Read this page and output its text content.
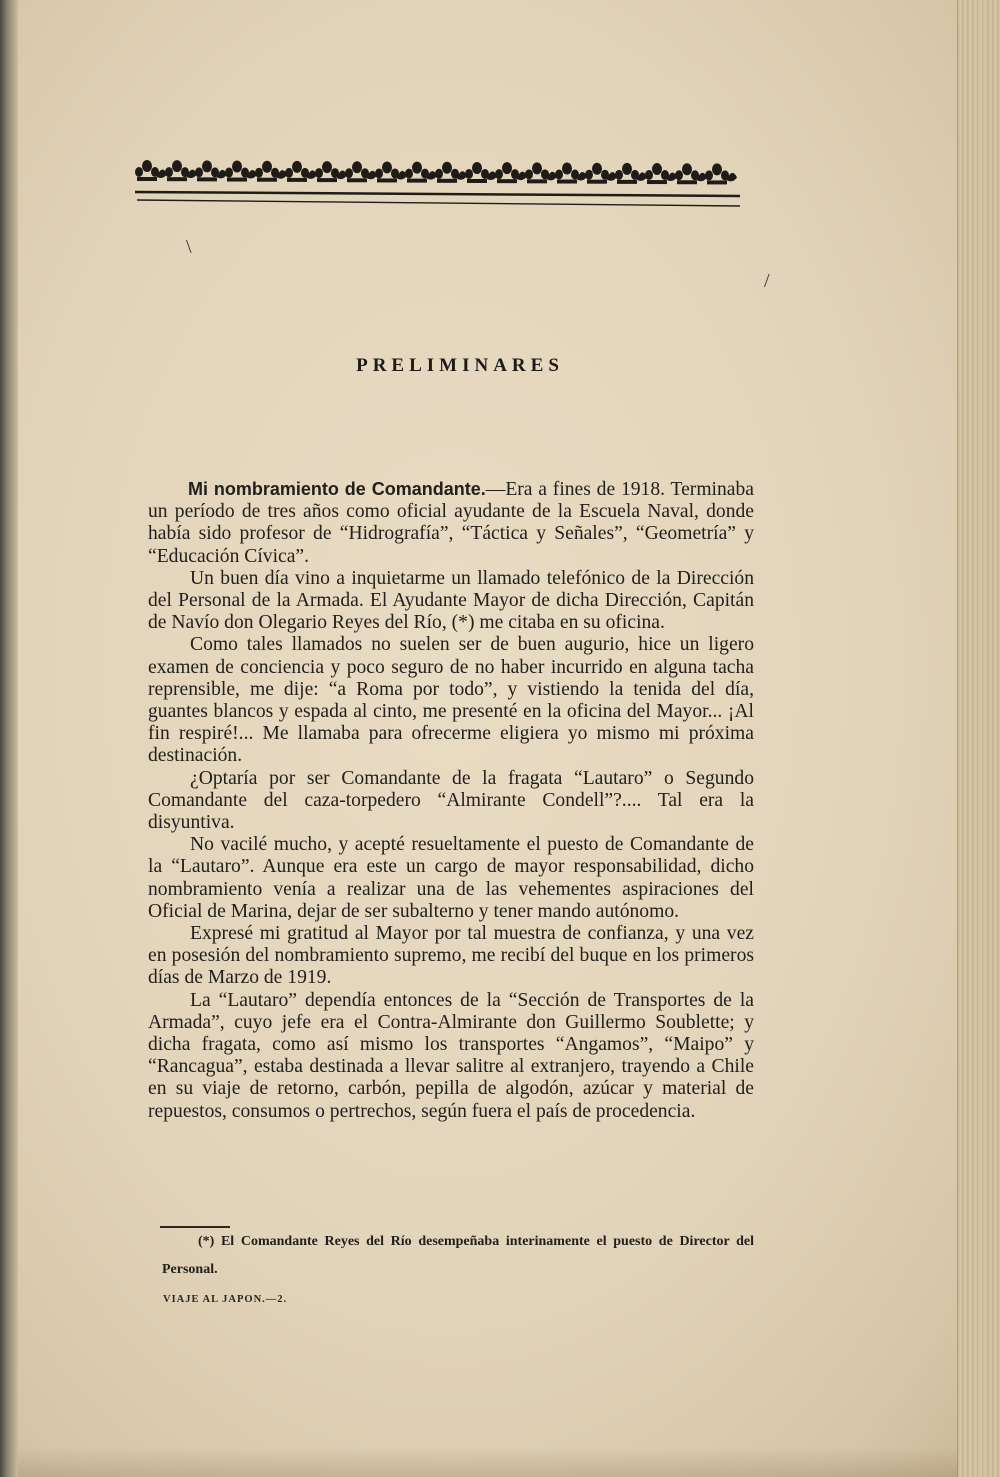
PRELIMINARES

Mi nombramiento de Comandante.—Era a fines de 1918. Terminaba un período de tres años como oficial ayudante de la Escuela Naval, donde había sido profesor de “Hidrografía”, “Táctica y Señales”, “Geometría” y “Educación Cívica”.

Un buen día vino a inquietarme un llamado telefónico de la Dirección del Personal de la Armada. El Ayudante Mayor de dicha Dirección, Capitán de Navío don Olegario Reyes del Río, (*) me citaba en su oficina.

Como tales llamados no suelen ser de buen augurio, hice un ligero examen de conciencia y poco seguro de no haber incurrido en alguna tacha reprensible, me dije: “a Roma por todo”, y vistiendo la tenida del día, guantes blancos y espada al cinto, me presenté en la oficina del Mayor... ¡Al fin respiré!... Me llamaba para ofrecerme eligiera yo mismo mi próxima destinación.

¿Optaría por ser Comandante de la fragata “Lautaro” o Segundo Comandante del caza-torpedero “Almirante Condell”?.... Tal era la disyuntiva.

No vacilé mucho, y acepté resueltamente el puesto de Comandante de la “Lautaro”. Aunque era este un cargo de mayor responsabilidad, dicho nombramiento venía a realizar una de las vehementes aspiraciones del Oficial de Marina, dejar de ser subalterno y tener mando autónomo.

Expresé mi gratitud al Mayor por tal muestra de confianza, y una vez en posesión del nombramiento supremo, me recibí del buque en los primeros días de Marzo de 1919.

La “Lautaro” dependía entonces de la “Sección de Transportes de la Armada”, cuyo jefe era el Contra-Almirante don Guillermo Soublette; y dicha fragata, como así mismo los transportes “Angamos”, “Maipo” y “Rancagua”, estaba destinada a llevar salitre al extranjero, trayendo a Chile en su viaje de retorno, carbón, pepilla de algodón, azúcar y material de repuestos, consumos o pertrechos, según fuera el país de procedencia.

(*) El Comandante Reyes del Río desempeñaba interinamente el puesto de Director del Personal.
VIAJE AL JAPON.—2.
\
/
